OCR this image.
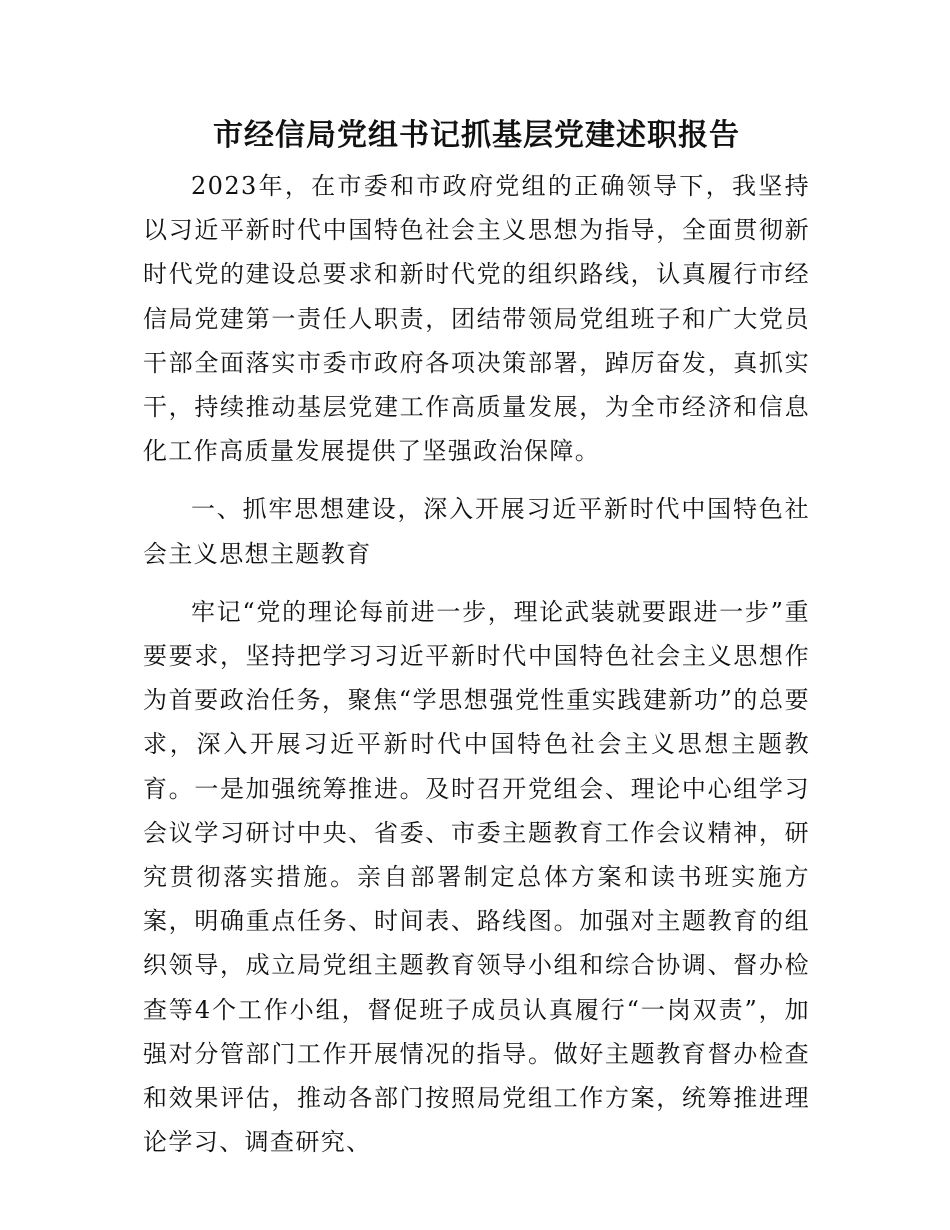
市经信局党组书记抓基层党建述职报告

2023年，在市委和市政府党组的正确领导下，我坚持以习近平新时代中国特色社会主义思想为指导，全面贯彻新时代党的建设总要求和新时代党的组织路线，认真履行市经信局党建第一责任人职责，团结带领局党组班子和广大党员干部全面落实市委市政府各项决策部署，踔厉奋发，真抓实干，持续推动基层党建工作高质量发展，为全市经济和信息化工作高质量发展提供了坚强政治保障。

一、抓牢思想建设，深入开展习近平新时代中国特色社会主义思想主题教育

牢记“党的理论每前进一步，理论武装就要跟进一步”重要要求，坚持把学习习近平新时代中国特色社会主义思想作为首要政治任务，聚焦“学思想强党性重实践建新功”的总要求，深入开展习近平新时代中国特色社会主义思想主题教育。一是加强统筹推进。及时召开党组会、理论中心组学习会议学习研讨中央、省委、市委主题教育工作会议精神，研究贯彻落实措施。亲自部署制定总体方案和读书班实施方案，明确重点任务、时间表、路线图。加强对主题教育的组织领导，成立局党组主题教育领导小组和综合协调、督办检查等4个工作小组，督促班子成员认真履行“一岗双责”，加强对分管部门工作开展情况的指导。做好主题教育督办检查和效果评估，推动各部门按照局党组工作方案，统筹推进理论学习、调查研究、
